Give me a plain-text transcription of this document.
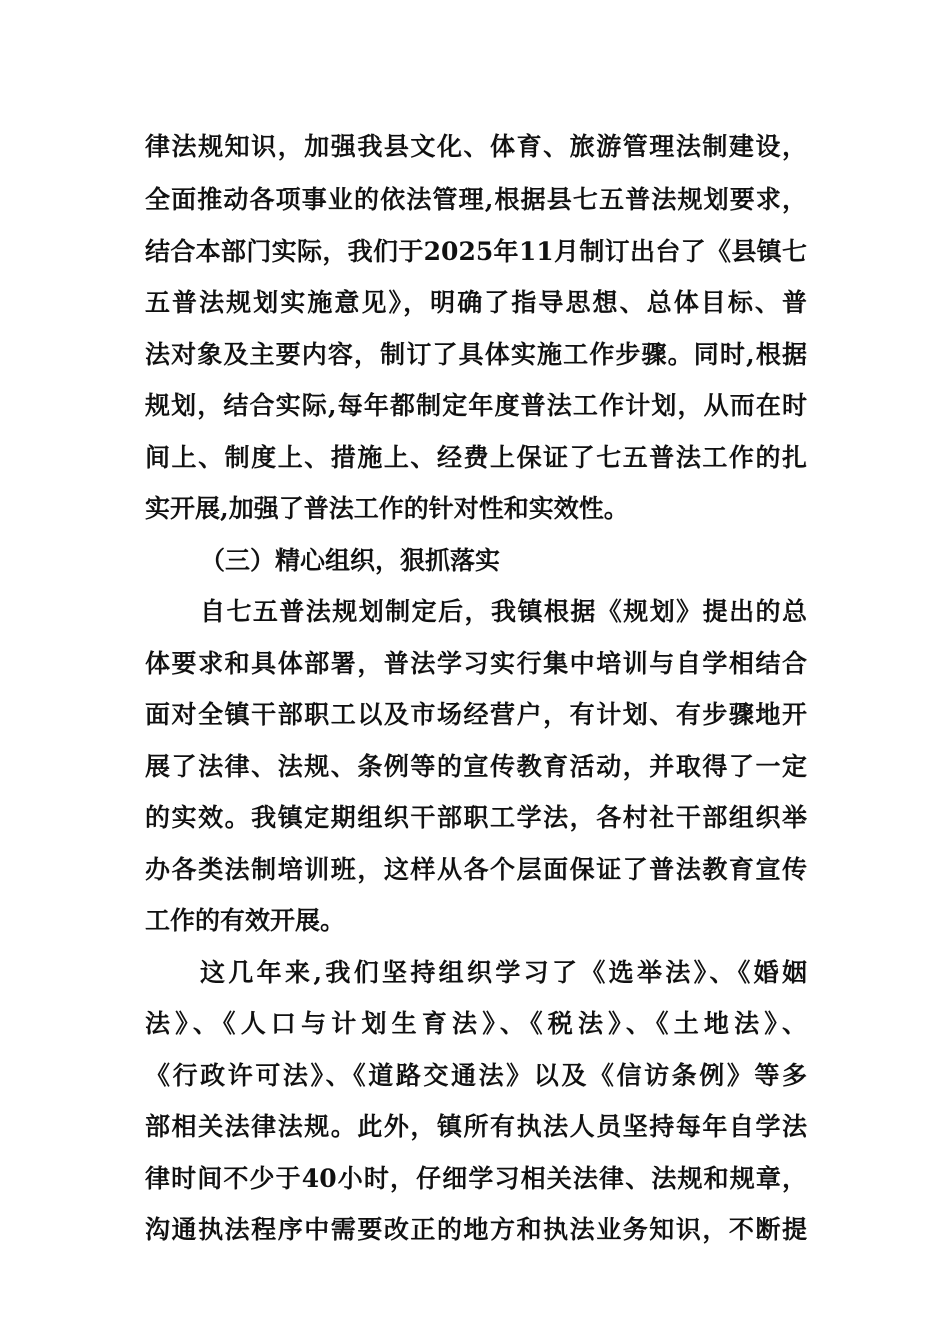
律法规知识，加强我县文化、体育、旅游管理法制建设，
全面推动各项事业的依法管理,根据县七五普法规划要求，
结合本部门实际，我们于2025年11月制订出台了《县镇七
五普法规划实施意见》，明确了指导思想、总体目标、普
法对象及主要内容，制订了具体实施工作步骤。同时,根据
规划，结合实际,每年都制定年度普法工作计划，从而在时
间上、制度上、措施上、经费上保证了七五普法工作的扎
实开展,加强了普法工作的针对性和实效性。
（三）精心组织，狠抓落实
自七五普法规划制定后，我镇根据《规划》提出的总
体要求和具体部署，普法学习实行集中培训与自学相结合
面对全镇干部职工以及市场经营户，有计划、有步骤地开
展了法律、法规、条例等的宣传教育活动，并取得了一定
的实效。我镇定期组织干部职工学法，各村社干部组织举
办各类法制培训班，这样从各个层面保证了普法教育宣传
工作的有效开展。
这几年来,我们坚持组织学习了《选举法》、《婚姻
法》、《人口与计划生育法》、《税法》、《土地法》、
《行政许可法》、《道路交通法》以及《信访条例》等多
部相关法律法规。此外，镇所有执法人员坚持每年自学法
律时间不少于40小时，仔细学习相关法律、法规和规章，
沟通执法程序中需要改正的地方和执法业务知识，不断提
